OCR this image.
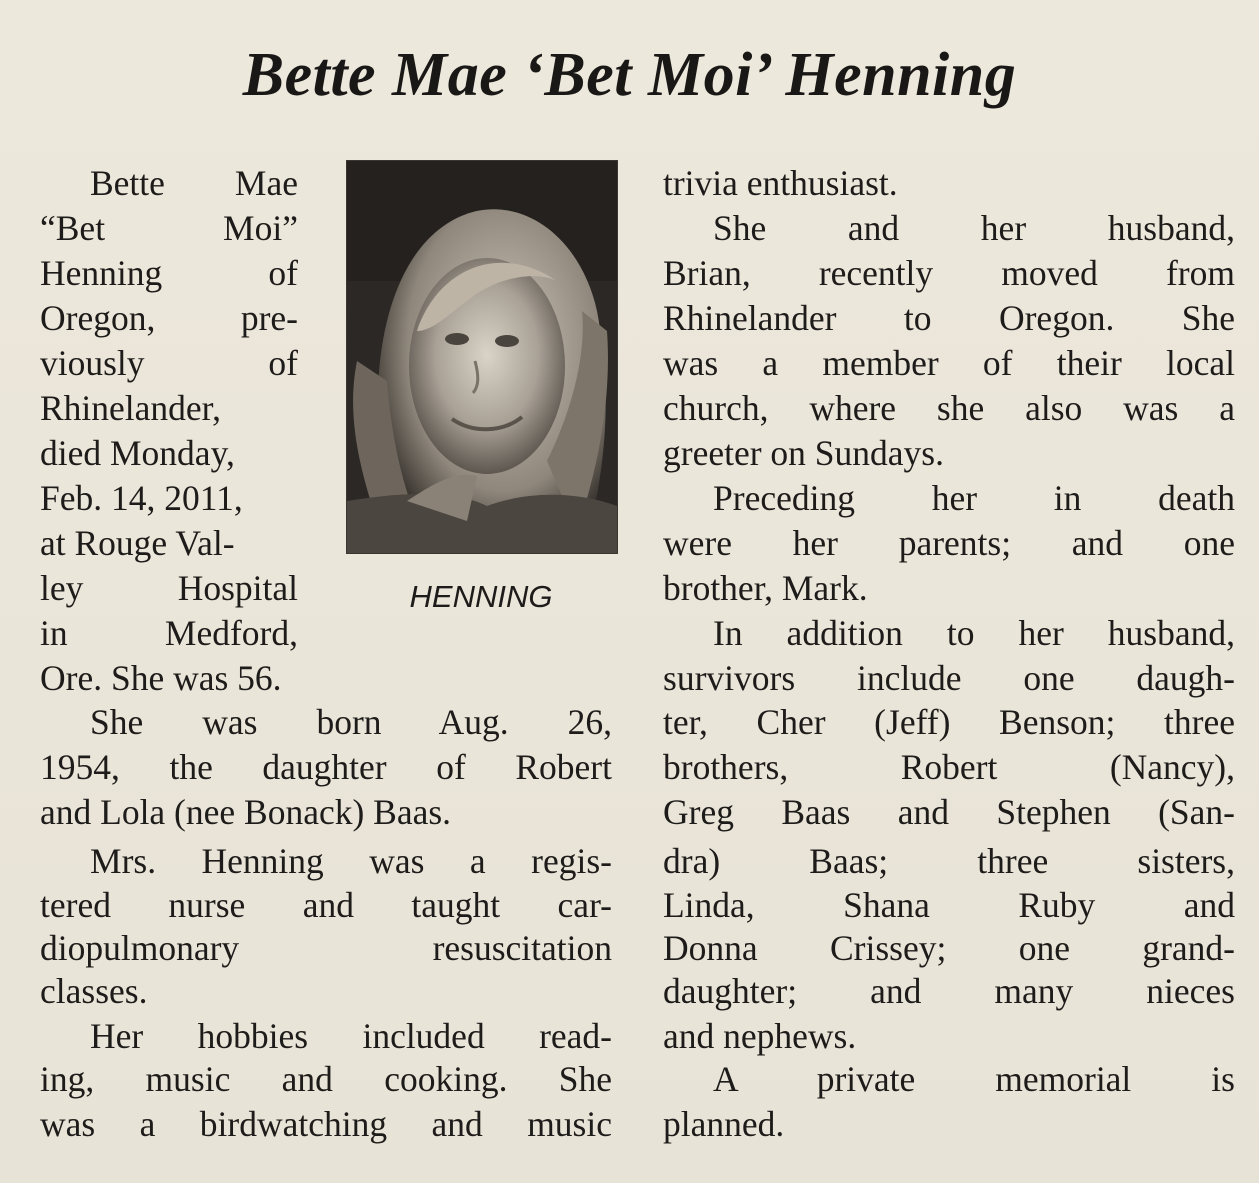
Bette Mae ‘Bet Moi’ Henning
HENNING
Bette Mae
“Bet Moi”
Henning of
Oregon, pre-
viously of
Rhinelander,
died Monday,
Feb. 14, 2011,
at Rouge Val-
ley Hospital
in Medford,
Ore. She was 56.
She was born Aug. 26,
1954, the daughter of Robert
and Lola (nee Bonack) Baas.
Mrs. Henning was a regis-
tered nurse and taught car-
diopulmonary resuscitation
classes.
Her hobbies included read-
ing, music and cooking. She
was a birdwatching and music
trivia enthusiast.
She and her husband,
Brian, recently moved from
Rhinelander to Oregon. She
was a member of their local
church, where she also was a
greeter on Sundays.
Preceding her in death
were her parents; and one
brother, Mark.
In addition to her husband,
survivors include one daugh-
ter, Cher (Jeff) Benson; three
brothers, Robert (Nancy),
Greg Baas and Stephen (San-
dra) Baas; three sisters,
Linda, Shana Ruby and
Donna Crissey; one grand-
daughter; and many nieces
and nephews.
A private memorial is
planned.
